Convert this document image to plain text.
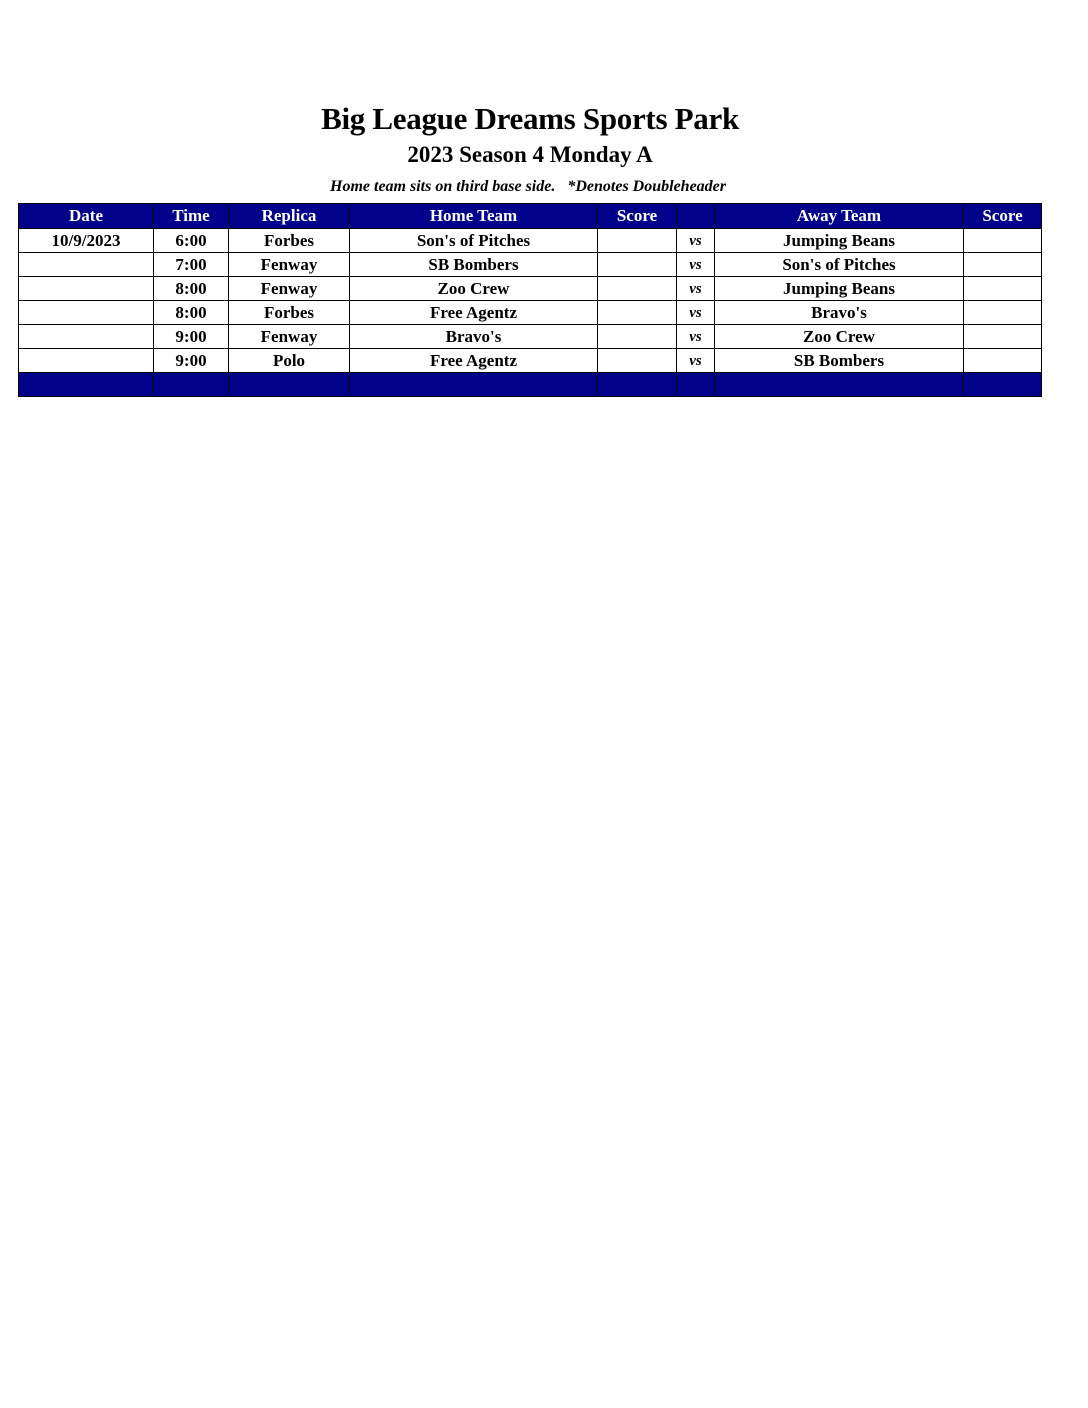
Big League Dreams Sports Park
2023 Season 4 Monday A
Home team sits on third base side. *Denotes Doubleheader
Date	Time	Replica	Home Team	Score		Away Team	Score
10/9/2023	6:00	Forbes	Son's of Pitches		vs	Jumping Beans	
	7:00	Fenway	SB Bombers		vs	Son's of Pitches	
	8:00	Fenway	Zoo Crew		vs	Jumping Beans	
	8:00	Forbes	Free Agentz		vs	Bravo's	
	9:00	Fenway	Bravo's		vs	Zoo Crew	
	9:00	Polo	Free Agentz		vs	SB Bombers	
